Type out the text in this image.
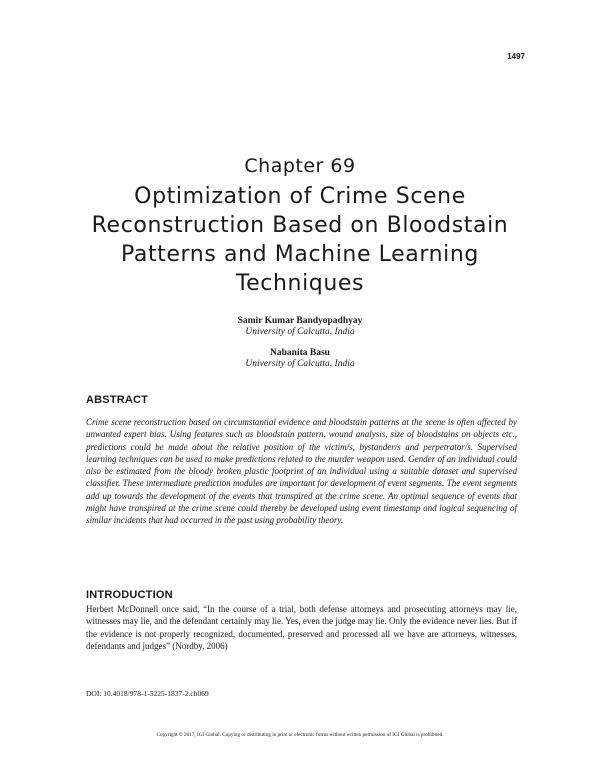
1497
Chapter 69
Optimization of Crime Scene Reconstruction Based on Bloodstain Patterns and Machine Learning Techniques
Samir Kumar Bandyopadhyay
University of Calcutta, India
Nabanita Basu
University of Calcutta, India
ABSTRACT
Crime scene reconstruction based on circumstantial evidence and bloodstain patterns at the scene is often affected by unwanted expert bias. Using features such as bloodstain pattern, wound analysis, size of bloodstains on objects etc., predictions could be made about the relative position of the victim/s, bystander/s and perpetrator/s. Supervised learning techniques can be used to make predictions related to the murder weapon used. Gender of an individual could also be estimated from the bloody broken plastic footprint of an individual using a suitable dataset and supervised classifier. These intermediate prediction modules are important for development of event segments. The event segments add up towards the development of the events that transpired at the crime scene. An optimal sequence of events that might have transpired at the crime scene could thereby be developed using event timestamp and logical sequencing of similar incidents that had occurred in the past using probability theory.
INTRODUCTION
Herbert McDonnell once said, “In the course of a trial, both defense attorneys and prosecuting attorneys may lie, witnesses may lie, and the defendant certainly may lie. Yes, even the judge may lie. Only the evidence never lies. But if the evidence is not properly recognized, documented, preserved and processed all we have are attorneys, witnesses, defendants and judges” (Nordby, 2006)
DOI: 10.4018/978-1-5225-1837-2.ch069
Copyright © 2017, IGI Global. Copying or distributing in print or electronic forms without written permission of IGI Global is prohibited.
